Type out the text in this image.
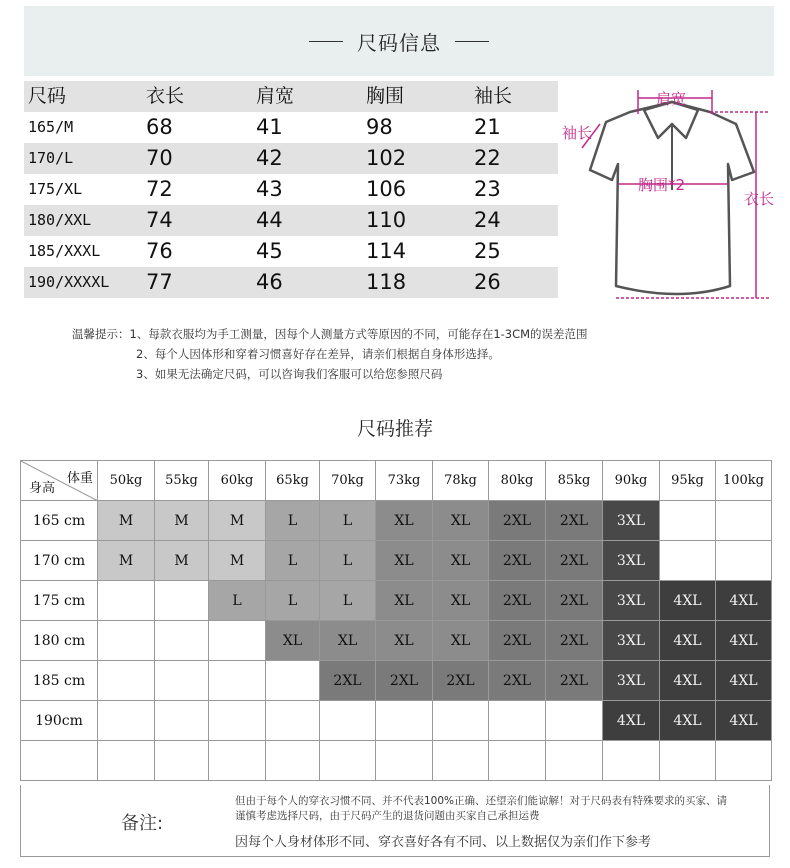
尺码信息
尺码	衣长	肩宽	胸围	袖长
165/M	68	41	98	21
170/L	70	42	102	22
175/XL	72	43	106	23
180/XXL	74	44	110	24
185/XXXL 76	45	114	25
190/XXXXL 77	46	118	26
肩宽
袖长
胸围*2
衣长
温馨提示：1、每款衣服均为手工测量，因每个人测量方式等原因的不同，可能存在1-3CM的误差范围
2、每个人因体形和穿着习惯喜好存在差异，请亲们根据自身体形选择。
3、如果无法确定尺码，可以咨询我们客服可以给您参照尺码
尺码推荐
体重
身高	50kg	55kg	60kg	65kg	70kg	73kg	78kg	80kg	85kg	90kg	95kg	100kg
165 cm	M	M	M	L	L	XL	XL	2XL	2XL	3XL		
170 cm	M	M	M	L	L	XL	XL	2XL	2XL	3XL		
175 cm			L	L	L	XL	XL	2XL	2XL	3XL	4XL	4XL
180 cm				XL	XL	XL	XL	2XL	2XL	3XL	4XL	4XL
185 cm					2XL	2XL	2XL	2XL	2XL	3XL	4XL	4XL
190cm										4XL	4XL	4XL

备注:
但由于每个人的穿衣习惯不同、并不代表100%正确、还望亲们能谅解！对于尺码表有特殊要求的买家、请谨慎考虑选择尺码，由于尺码产生的退货问题由买家自己承担运费
因每个人身材体形不同、穿衣喜好各有不同、以上数据仅为亲们作下参考
